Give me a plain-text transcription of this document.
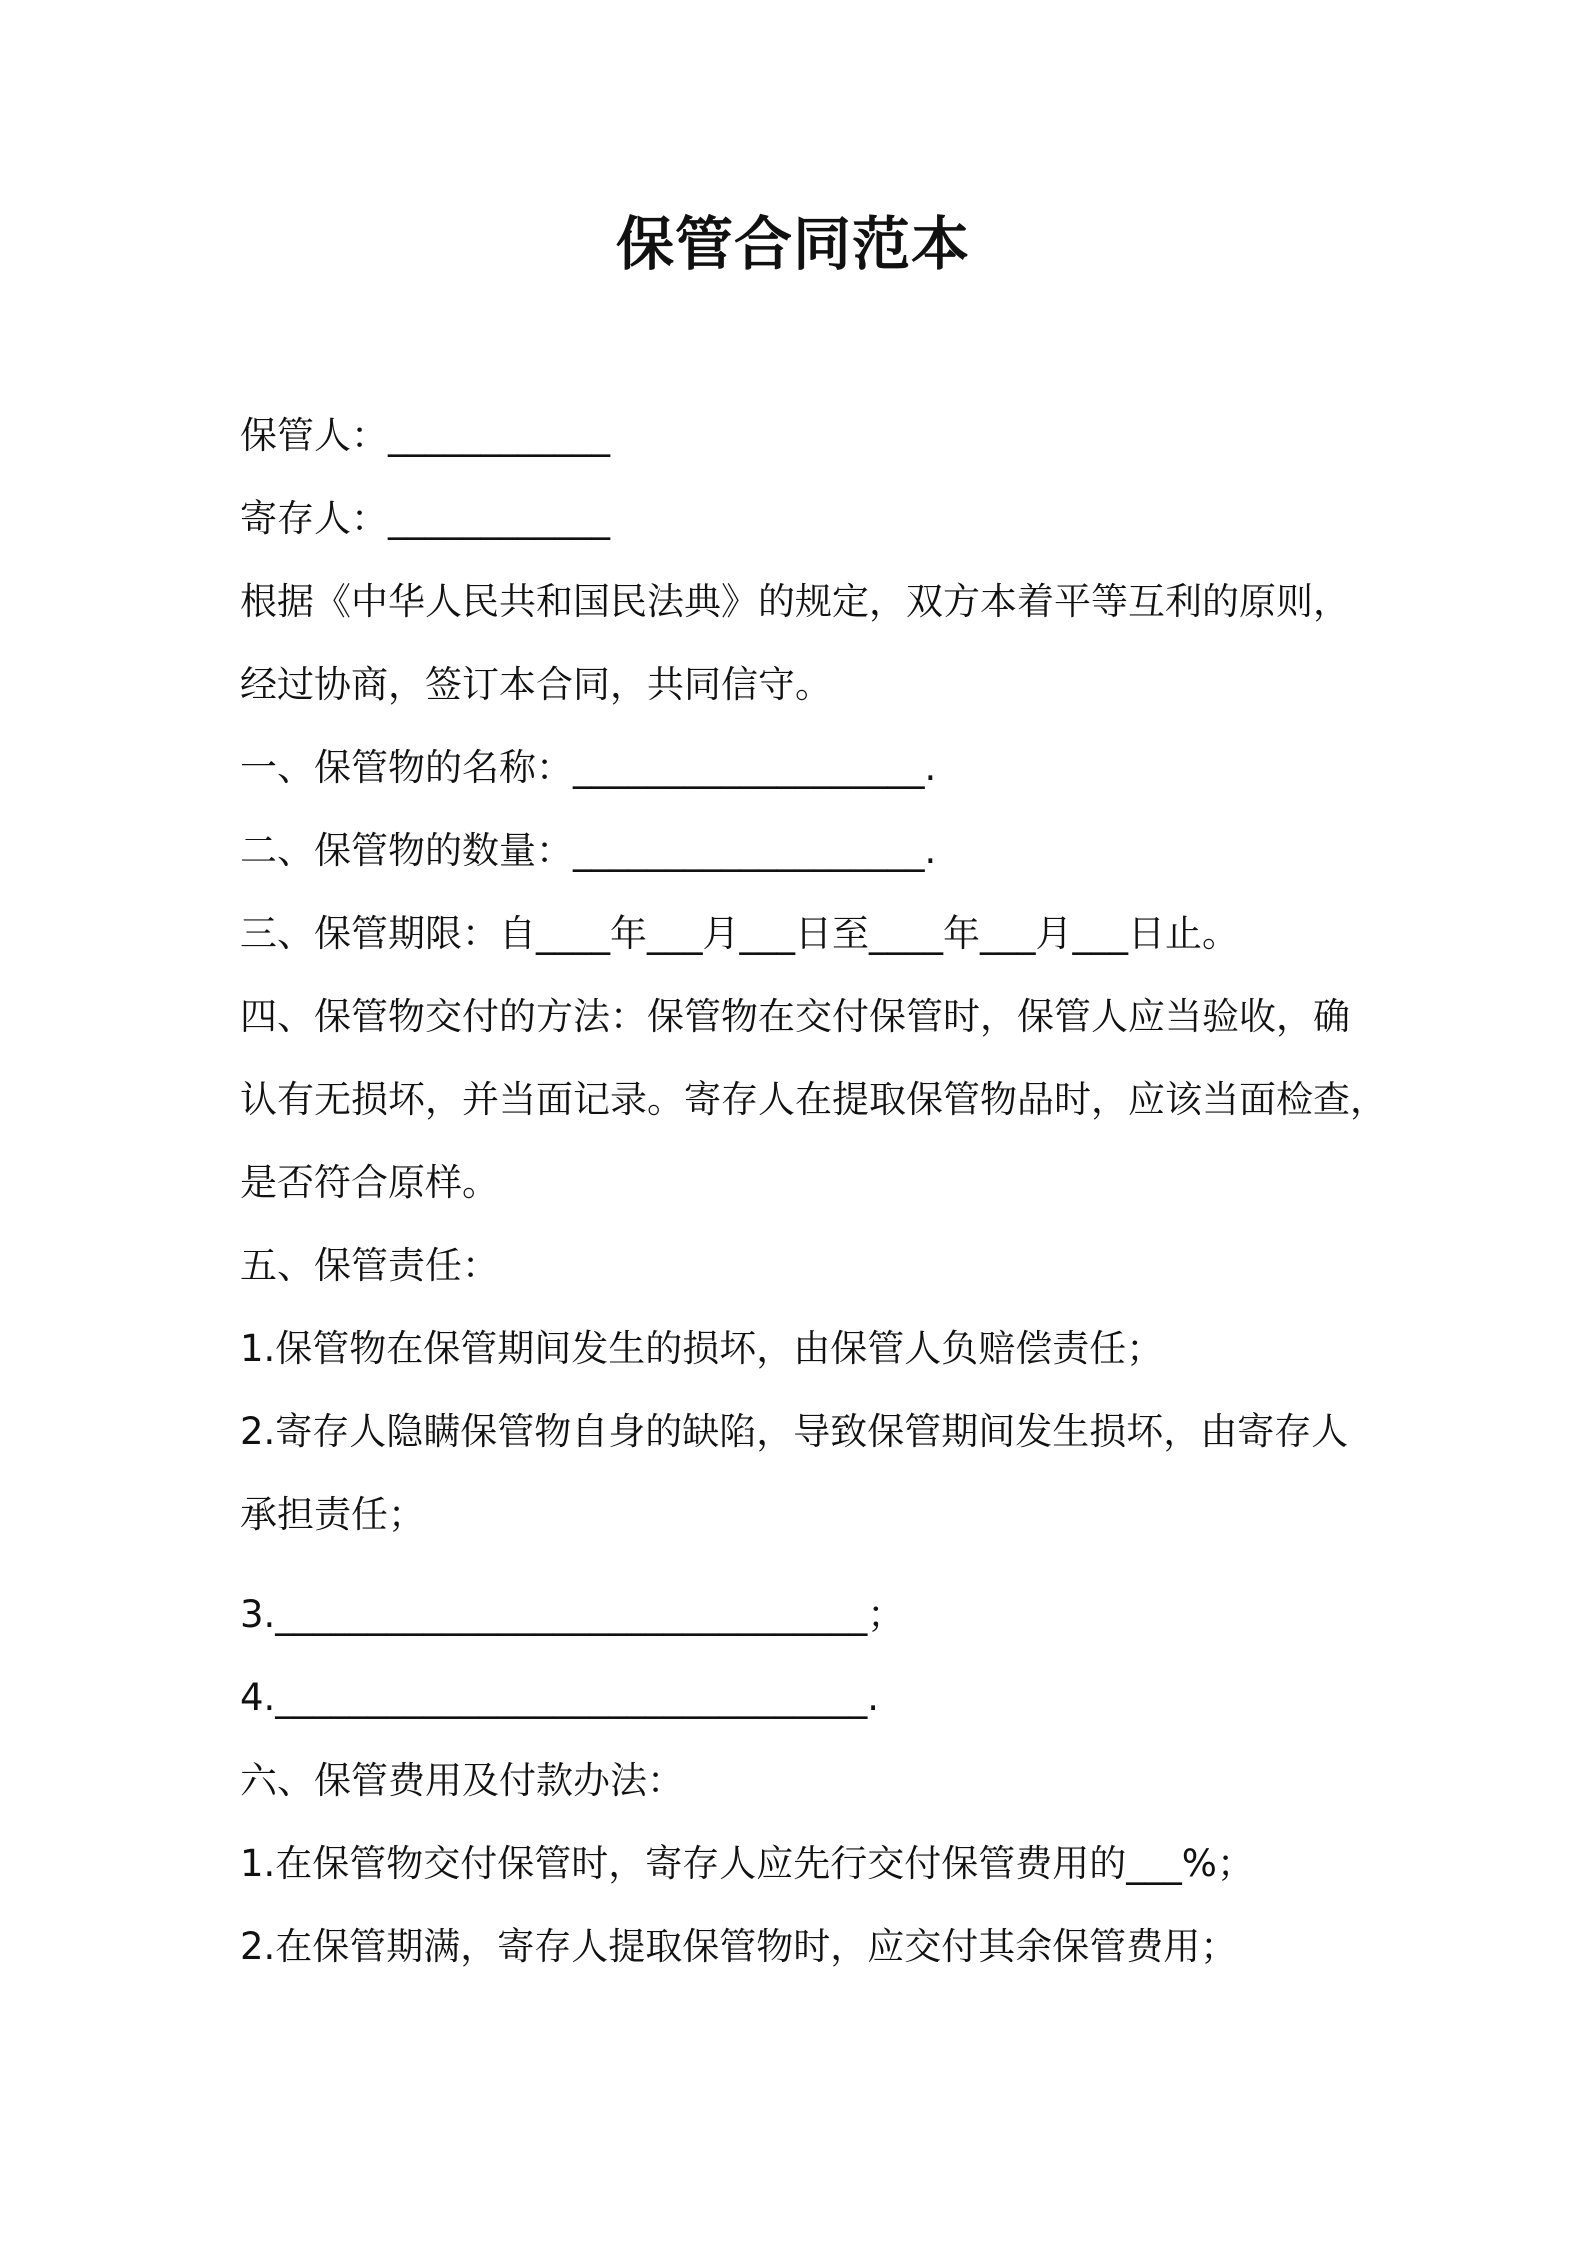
保管合同范本
保管人：____________
寄存人：____________
根据《中华人民共和国民法典》的规定，双方本着平等互利的原则，
经过协商，签订本合同，共同信守。
一、保管物的名称：___________________.
二、保管物的数量：___________________.
三、保管期限：自____年___月___日至____年___月___日止。
四、保管物交付的方法：保管物在交付保管时，保管人应当验收，确
认有无损坏，并当面记录。寄存人在提取保管物品时，应该当面检查，
是否符合原样。
五、保管责任：
1.保管物在保管期间发生的损坏，由保管人负赔偿责任；
2.寄存人隐瞒保管物自身的缺陷，导致保管期间发生损坏，由寄存人
承担责任；
3.________________________________；
4.________________________________.
六、保管费用及付款办法：
1.在保管物交付保管时，寄存人应先行交付保管费用的___%；
2.在保管期满，寄存人提取保管物时，应交付其余保管费用；
